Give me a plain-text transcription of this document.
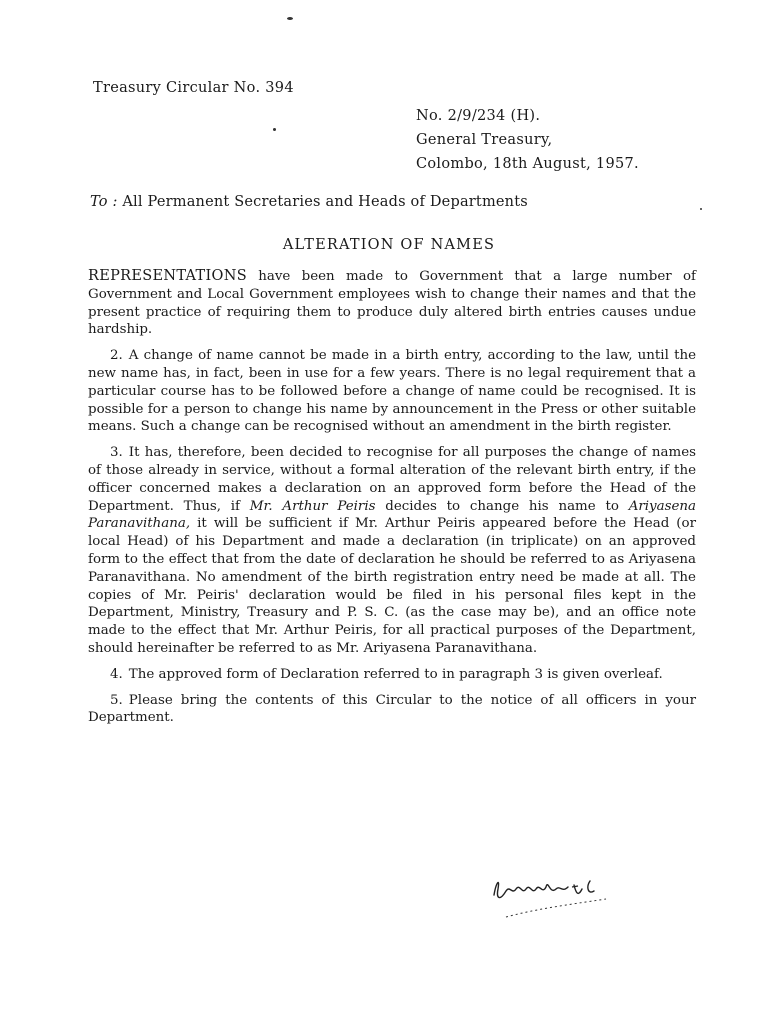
Treasury Circular No. 394
No. 2/9/234 (H).
General Treasury,
Colombo, 18th August, 1957.
To : All Permanent Secretaries and Heads of Departments
ALTERATION OF NAMES

REPRESENTATIONS have been made to Government that a large number of Government and Local Government employees wish to change their names and that the present practice of requiring them to produce duly altered birth entries causes undue hardship.

2. A change of name cannot be made in a birth entry, according to the law, until the new name has, in fact, been in use for a few years. There is no legal requirement that a particular course has to be followed before a change of name could be recognised. It is possible for a person to change his name by announcement in the Press or other suitable means. Such a change can be recognised without an amendment in the birth register.

3. It has, therefore, been decided to recognise for all purposes the change of names of those already in service, without a formal alteration of the relevant birth entry, if the officer concerned makes a declaration on an approved form before the Head of the Department. Thus, if Mr. Arthur Peiris decides to change his name to Ariyasena Paranavithana, it will be sufficient if Mr. Arthur Peiris appeared before the Head (or local Head) of his Department and made a declaration (in triplicate) on an approved form to the effect that from the date of declaration he should be referred to as Ariyasena Paranavithana. No amendment of the birth registration entry need be made at all. The copies of Mr. Peiris' declaration would be filed in his personal files kept in the Department, Ministry, Treasury and P. S. C. (as the case may be), and an office note made to the effect that Mr. Arthur Peiris, for all practical purposes of the Department, should hereinafter be referred to as Mr. Ariyasena Paranavithana.

4. The approved form of Declaration referred to in paragraph 3 is given overleaf.

5. Please bring the contents of this Circular to the notice of all officers in your Department.
